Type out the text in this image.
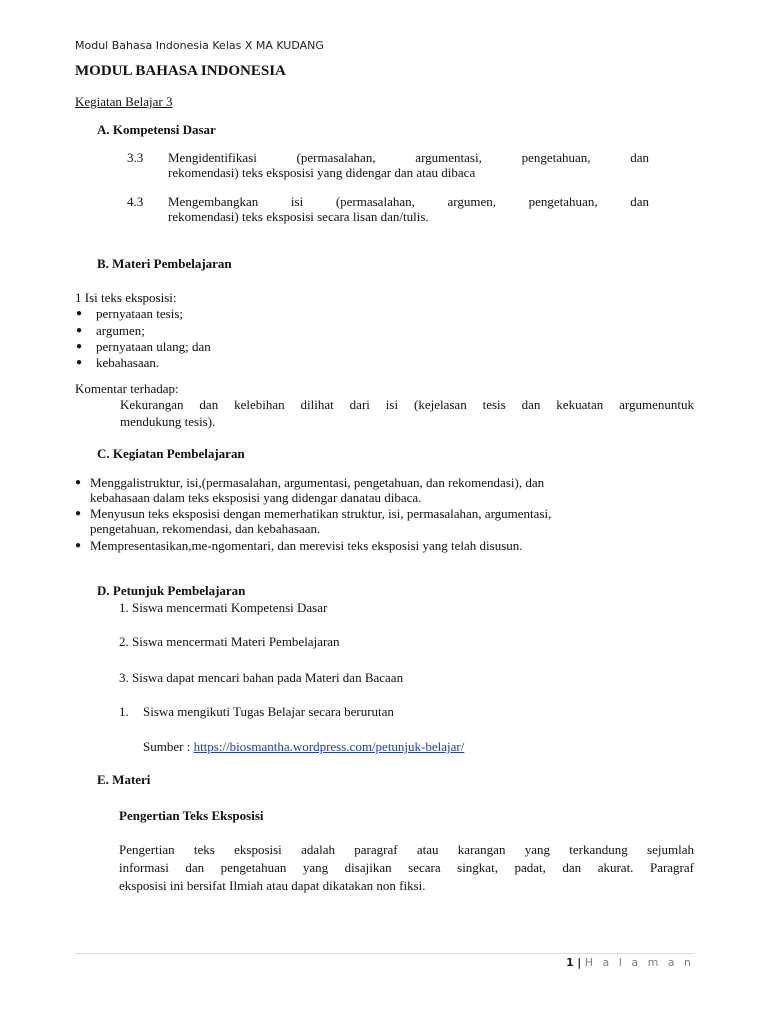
Modul Bahasa Indonesia Kelas X MA KUDANG
MODUL BAHASA INDONESIA
Kegiatan Belajar 3
A. Kompetensi Dasar
3.3 Mengidentifikasi (permasalahan, argumentasi, pengetahuan, dan
rekomendasi) teks eksposisi yang didengar dan atau dibaca
4.3 Mengembangkan isi (permasalahan, argumen, pengetahuan, dan
rekomendasi) teks eksposisi secara lisan dan/tulis.
B. Materi Pembelajaran
1 Isi teks eksposisi:
● pernyataan tesis;
● argumen;
● pernyataan ulang; dan
● kebahasaan.
Komentar terhadap:
Kekurangan dan kelebihan dilihat dari isi (kejelasan tesis dan kekuatan argumenuntuk
mendukung tesis).
C. Kegiatan Pembelajaran
● Menggalistruktur, isi,(permasalahan, argumentasi, pengetahuan, dan rekomendasi), dan
kebahasaan dalam teks eksposisi yang didengar danatau dibaca.
● Menyusun teks eksposisi dengan memerhatikan struktur, isi, permasalahan, argumentasi,
pengetahuan, rekomendasi, dan kebahasaan.
● Mempresentasikan,me-ngomentari, dan merevisi teks eksposisi yang telah disusun.
D. Petunjuk Pembelajaran
1. Siswa mencermati Kompetensi Dasar
2. Siswa mencermati Materi Pembelajaran
3. Siswa dapat mencari bahan pada Materi dan Bacaan
1. Siswa mengikuti Tugas Belajar secara berurutan
Sumber : https://biosmantha.wordpress.com/petunjuk-belajar/
E. Materi
Pengertian Teks Eksposisi
Pengertian teks eksposisi adalah paragraf atau karangan yang terkandung sejumlah
informasi dan pengetahuan yang disajikan secara singkat, padat, dan akurat. Paragraf
eksposisi ini bersifat Ilmiah atau dapat dikatakan non fiksi.
1 | H a l a m a n
